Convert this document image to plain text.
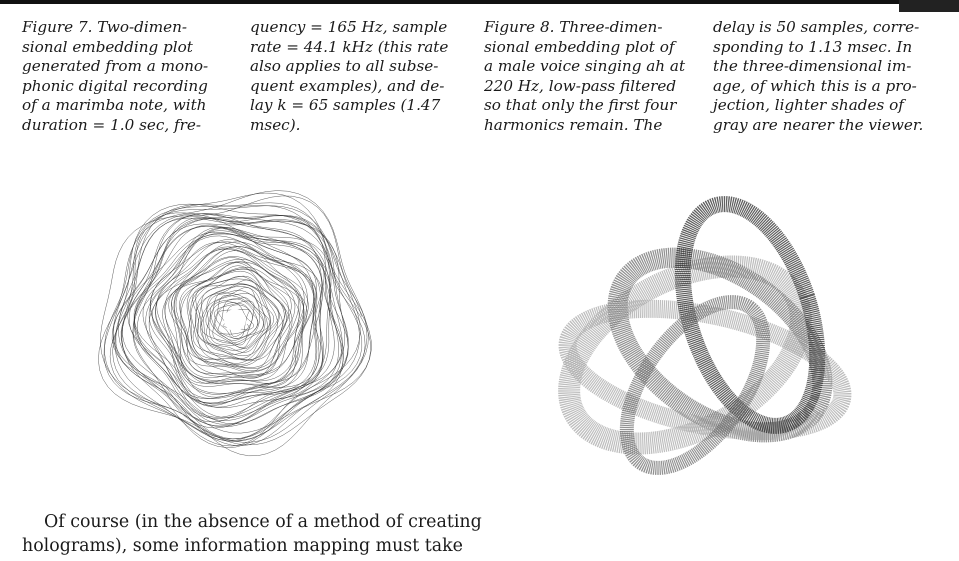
Figure 7. Two-dimen-
sional embedding plot
generated from a mono-
phonic digital recording
of a marimba note, with
duration = 1.0 sec, fre-
quency = 165 Hz, sample
rate = 44.1 kHz (this rate
also applies to all subse-
quent examples), and de-
lay k = 65 samples (1.47
msec).
Figure 8. Three-dimen-
sional embedding plot of
a male voice singing ah at
220 Hz, low-pass filtered
so that only the first four
harmonics remain. The
delay is 50 samples, corre-
sponding to 1.13 msec. In
the three-dimensional im-
age, of which this is a pro-
jection, lighter shades of
gray are nearer the viewer.
Of course (in the absence of a method of creating
holograms), some information mapping must take
